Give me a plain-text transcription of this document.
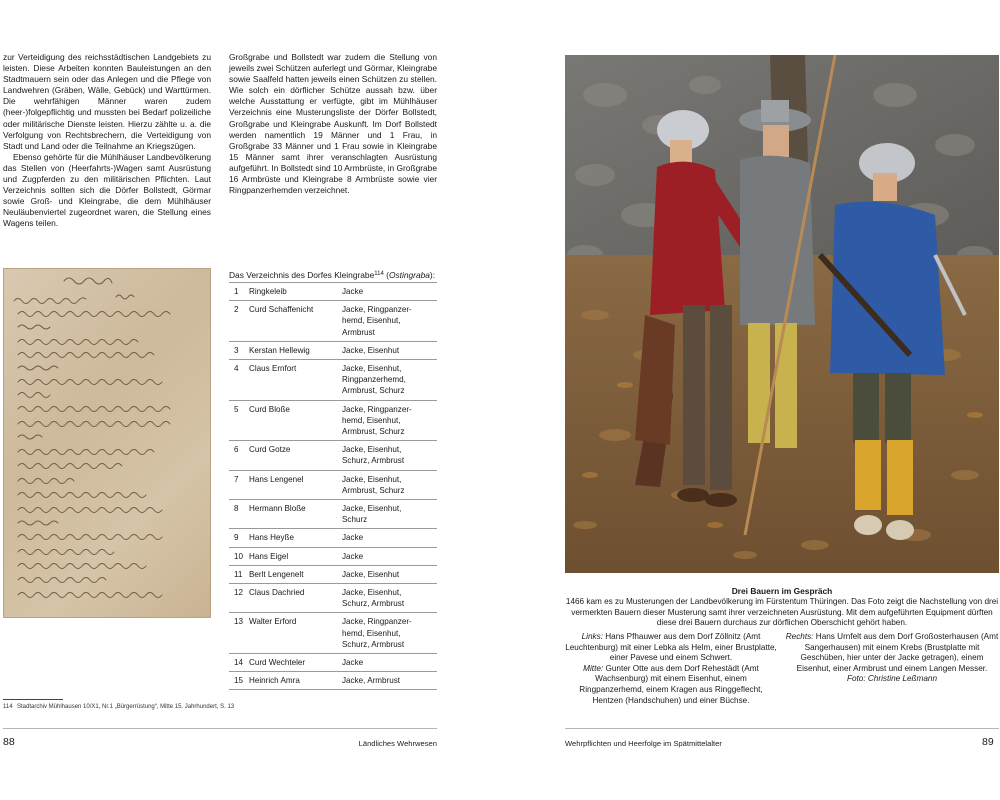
zur Verteidigung des reichsstädtischen Landgebiets zu leisten. Diese Arbeiten konnten Bauleistungen an den Stadtmauern sein oder das Anlegen und die Pflege von Landwehren (Gräben, Wälle, Gebück) und Warttürmen. Die wehrfähigen Männer waren zudem (heer-)folgepflichtig und mussten bei Bedarf polizeiliche oder militärische Dienste leisten. Hierzu zählte u. a. die Verfolgung von Rechtsbrechern, die Verteidigung von Stadt und Land oder die Teilnahme an Kriegszügen.

Ebenso gehörte für die Mühlhäuser Landbevölkerung das Stellen von (Heerfahrts-)Wagen samt Ausrüstung und Zugpferden zu den militärischen Pflichten. Laut Verzeichnis sollten sich die Dörfer Bollstedt, Görmar sowie Groß- und Kleingrabe, die dem Mühlhäuser Neuläubenviertel zugeordnet waren, die Stellung eines Wagens teilen.

Großgrabe und Bollstedt war zudem die Stellung von jeweils zwei Schützen auferlegt und Görmar, Kleingrabe sowie Saalfeld hatten jeweils einen Schützen zu stellen. Wie solch ein dörflicher Schütze aussah bzw. über welche Ausstattung er verfügte, gibt im Mühlhäuser Verzeichnis eine Musterungsliste der Dörfer Bollstedt, Großgrabe und Kleingrabe Auskunft. Im Dorf Bollstedt werden namentlich 19 Männer und 1 Frau, in Großgrabe 33 Männer und 1 Frau sowie in Kleingrabe 15 Männer samt ihrer veranschlagten Ausrüstung aufgeführt. In Bollstedt sind 10 Armbrüste, in Großgrabe 16 Armbrüste und Kleingrabe 8 Armbrüste sowie vier Ringpanzerhemden verzeichnet.

Das Verzeichnis des Dorfes Kleingrabe$^{114}$ (Ostingraba):
1	Ringkeleib	Jacke
2	Curd Schaffenicht	Jacke, Ringpanzer-
hemd, Eisenhut,
Armbrust
3	Kerstan Hellewig	Jacke, Eisenhut
4	Claus Ernfort	Jacke, Eisenhut,
Ringpanzerhemd,
Armbrust, Schurz
5	Curd Bloße	Jacke, Ringpanzer-
hemd, Eisenhut,
Armbrust, Schurz

6	Curd Gotze	Jacke, Eisenhut,
Schurz, Armbrust
7	Hans Lengenel	Jacke, Eisenhut,
Armbrust, Schurz
8	Hermann Bloße	Jacke, Eisenhut,
Schurz
9	Hans Heyße	Jacke
10	Hans Eigel	Jacke
11	Berlt Lengenelt	Jacke, Eisenhut
12	Claus Dachried	Jacke, Eisenhut,
Schurz, Armbrust
13	Walter Erford	Jacke, Ringpanzer-
hemd, Eisenhut,
Schurz, Armbrust
14	Curd Wechteler	Jacke
15	Heinrich Amra	Jacke, Armbrust
114 Stadtarchiv Mühlhausen 10/X1, Nr.1 „Bürgerrüstung“, Mitte 15. Jahrhundert, S. 13
88	Ländliches Wehrwesen
Drei Bauern im Gespräch
1466 kam es zu Musterungen der Landbevölkerung im Fürstentum Thüringen. Das Foto zeigt die Nachstellung von drei vermerkten Bauern dieser Musterung samt ihrer verzeichneten Ausrüstung. Mit dem aufgeführten Equipment dürften diese drei Bauern durchaus zur dörflichen Oberschicht gehört haben.

Links: Hans Pfhauwer aus dem Dorf Zöllnitz (Amt Leuchtenburg) mit einer Lebka als Helm, einer Brustplatte, einer Pavese und einem Schwert.

Mitte: Gunter Otte aus dem Dorf Rehestädt (Amt Wachsenburg) mit einem Eisenhut, einem Ringpanzerhemd, einem Kragen aus Ringgeflecht, Hentzen (Handschuhen) und einer Büchse.

Rechts: Hans Urnfelt aus dem Dorf Großosterhausen (Amt Sangerhausen) mit einem Krebs (Brustplatte mit Geschüben, hier unter der Jacke getragen), einem Eisenhut, einer Armbrust und einem Langen Messer.

Foto: Christine Leßmann

Wehrpflichten und Heerfolge im Spätmittelalter	89
